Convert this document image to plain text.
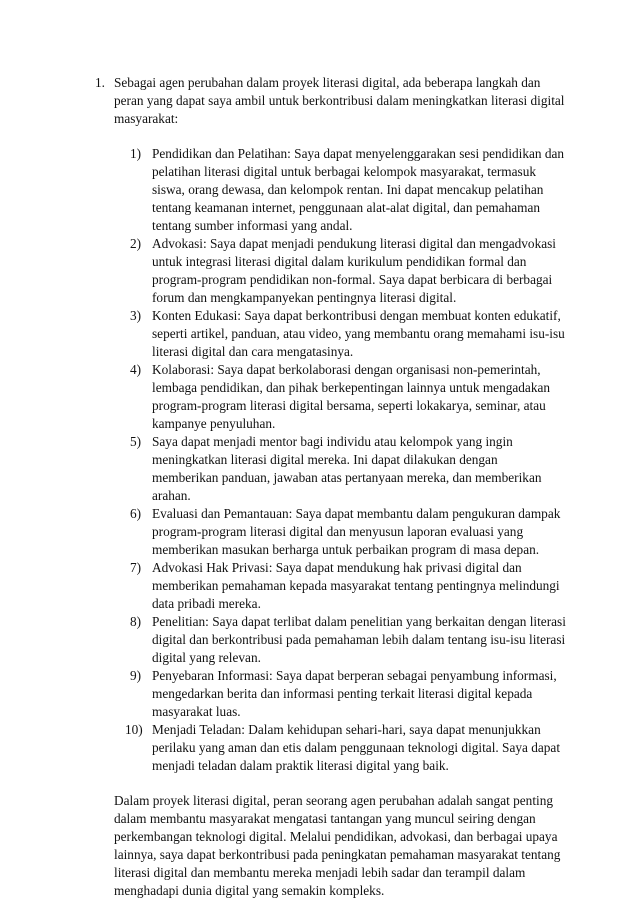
1. Sebagai agen perubahan dalam proyek literasi digital, ada beberapa langkah dan peran yang dapat saya ambil untuk berkontribusi dalam meningkatkan literasi digital masyarakat:

1) Pendidikan dan Pelatihan: Saya dapat menyelenggarakan sesi pendidikan dan pelatihan literasi digital untuk berbagai kelompok masyarakat, termasuk siswa, orang dewasa, dan kelompok rentan. Ini dapat mencakup pelatihan tentang keamanan internet, penggunaan alat-alat digital, dan pemahaman tentang sumber informasi yang andal.

2) Advokasi: Saya dapat menjadi pendukung literasi digital dan mengadvokasi untuk integrasi literasi digital dalam kurikulum pendidikan formal dan program-program pendidikan non-formal. Saya dapat berbicara di berbagai forum dan mengkampanyekan pentingnya literasi digital.

3) Konten Edukasi: Saya dapat berkontribusi dengan membuat konten edukatif, seperti artikel, panduan, atau video, yang membantu orang memahami isu-isu literasi digital dan cara mengatasinya.

4) Kolaborasi: Saya dapat berkolaborasi dengan organisasi non-pemerintah, lembaga pendidikan, dan pihak berkepentingan lainnya untuk mengadakan program-program literasi digital bersama, seperti lokakarya, seminar, atau kampanye penyuluhan.

5) Saya dapat menjadi mentor bagi individu atau kelompok yang ingin meningkatkan literasi digital mereka. Ini dapat dilakukan dengan memberikan panduan, jawaban atas pertanyaan mereka, dan memberikan arahan.

6) Evaluasi dan Pemantauan: Saya dapat membantu dalam pengukuran dampak program-program literasi digital dan menyusun laporan evaluasi yang memberikan masukan berharga untuk perbaikan program di masa depan.

7) Advokasi Hak Privasi: Saya dapat mendukung hak privasi digital dan memberikan pemahaman kepada masyarakat tentang pentingnya melindungi data pribadi mereka.

8) Penelitian: Saya dapat terlibat dalam penelitian yang berkaitan dengan literasi digital dan berkontribusi pada pemahaman lebih dalam tentang isu-isu literasi digital yang relevan.

9) Penyebaran Informasi: Saya dapat berperan sebagai penyambung informasi, mengedarkan berita dan informasi penting terkait literasi digital kepada masyarakat luas.

10) Menjadi Teladan: Dalam kehidupan sehari-hari, saya dapat menunjukkan perilaku yang aman dan etis dalam penggunaan teknologi digital. Saya dapat menjadi teladan dalam praktik literasi digital yang baik.

Dalam proyek literasi digital, peran seorang agen perubahan adalah sangat penting dalam membantu masyarakat mengatasi tantangan yang muncul seiring dengan perkembangan teknologi digital. Melalui pendidikan, advokasi, dan berbagai upaya lainnya, saya dapat berkontribusi pada peningkatan pemahaman masyarakat tentang literasi digital dan membantu mereka menjadi lebih sadar dan terampil dalam menghadapi dunia digital yang semakin kompleks.
